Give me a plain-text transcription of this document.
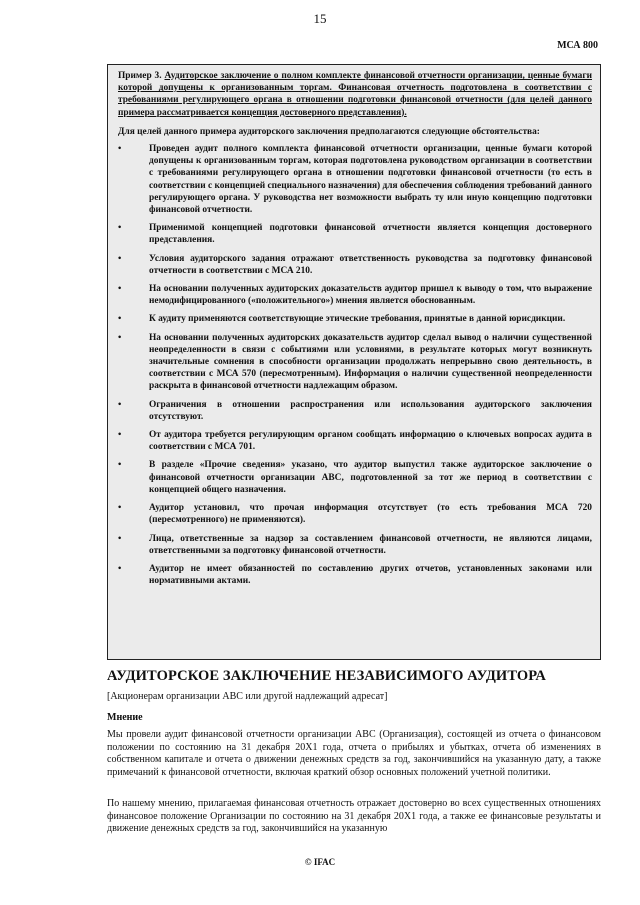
15
МСА 800

Пример 3. Аудиторское заключение о полном комплекте финансовой отчетности организации, ценные бумаги которой допущены к организованным торгам. Финансовая отчетность подготовлена в соответствии с требованиями регулирующего органа в отношении подготовки финансовой отчетности (для целей данного примера рассматривается концепция достоверного представления).

Для целей данного примера аудиторского заключения предполагаются следующие обстоятельства:

•	Проведен аудит полного комплекта финансовой отчетности организации, ценные бумаги которой допущены к организованным торгам, которая подготовлена руководством организации в соответствии с требованиями регулирующего органа в отношении подготовки финансовой отчетности (то есть в соответствии с концепцией специального назначения) для обеспечения соблюдения требований данного регулирующего органа. У руководства нет возможности выбрать ту или иную концепцию подготовки финансовой отчетности.
•	Применимой концепцией подготовки финансовой отчетности является концепция достоверного представления.
•	Условия аудиторского задания отражают ответственность руководства за подготовку финансовой отчетности в соответствии с МСА 210.
•	На основании полученных аудиторских доказательств аудитор пришел к выводу о том, что выражение немодифицированного («положительного») мнения является обоснованным.
•	К аудиту применяются соответствующие этические требования, принятые в данной юрисдикции.
•	На основании полученных аудиторских доказательств аудитор сделал вывод о наличии существенной неопределенности в связи с событиями или условиями, в результате которых могут возникнуть значительные сомнения в способности организации продолжать непрерывно свою деятельность, в соответствии с МСА 570 (пересмотренным). Информация о наличии существенной неопределенности раскрыта в финансовой отчетности надлежащим образом.
•	Ограничения в отношении распространения или использования аудиторского заключения отсутствуют.
•	От аудитора требуется регулирующим органом сообщать информацию о ключевых вопросах аудита в соответствии с МСА 701.
•	В разделе «Прочие сведения» указано, что аудитор выпустил также аудиторское заключение о финансовой отчетности организации ABC, подготовленной за тот же период в соответствии с концепцией общего назначения.
•	Аудитор установил, что прочая информация отсутствует (то есть требования МСА 720 (пересмотренного) не применяются).
•	Лица, ответственные за надзор за составлением финансовой отчетности, не являются лицами, ответственными за подготовку финансовой отчетности.
•	Аудитор не имеет обязанностей по составлению других отчетов, установленных законами или нормативными актами.
АУДИТОРСКОЕ ЗАКЛЮЧЕНИЕ НЕЗАВИСИМОГО АУДИТОРА
[Акционерам организации ABC или другой надлежащий адресат]
Мнение

Мы провели аудит финансовой отчетности организации ABC (Организация), состоящей из отчета о финансовом положении по состоянию на 31 декабря 20X1 года, отчета о прибылях и убытках, отчета об изменениях в собственном капитале и отчета о движении денежных средств за год, закончившийся на указанную дату, а также примечаний к финансовой отчетности, включая краткий обзор основных положений учетной политики.

По нашему мнению, прилагаемая финансовая отчетность отражает достоверно во всех существенных отношениях финансовое положение Организации по состоянию на 31 декабря 20X1 года, а также ее финансовые результаты и движение денежных средств за год, закончившийся на указанную

© IFAC
